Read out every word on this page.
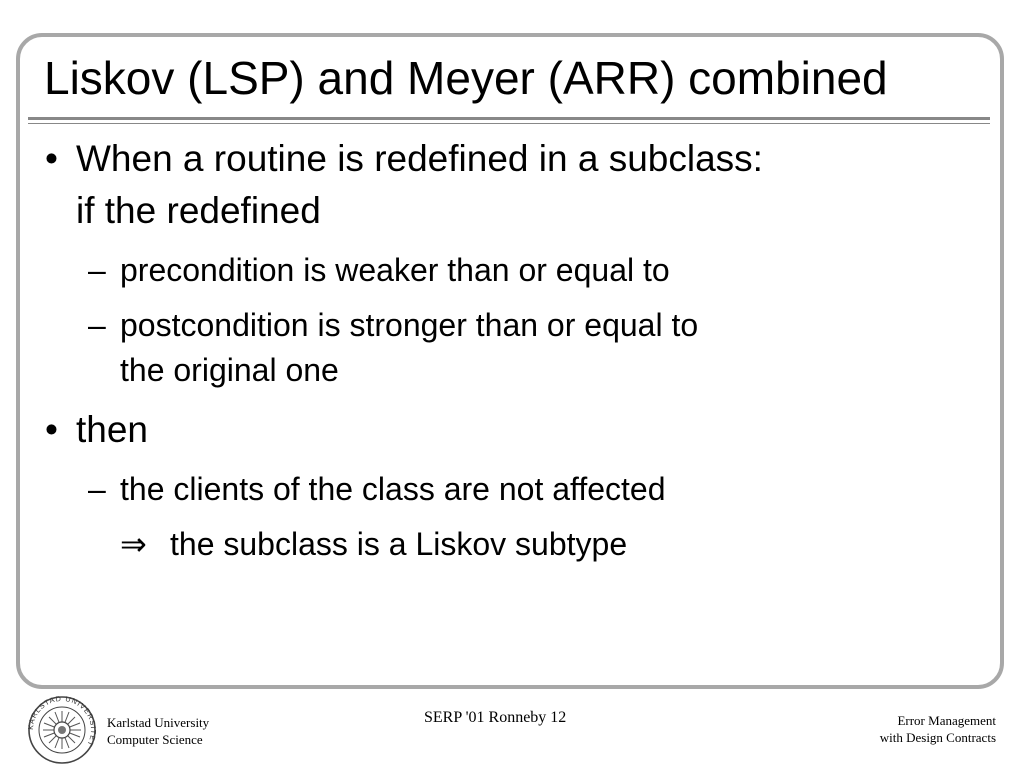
Liskov (LSP) and Meyer (ARR) combined
• When a routine is redefined in a subclass:
if the redefined
– precondition is weaker than or equal to
– postcondition is stronger than or equal to
the original one
• then
– the clients of the class are not affected
⇒ the subclass is a Liskov subtype
KARLSTAD UNIVERSITET
Karlstad University
Computer Science
SERP '01 Ronneby 12	Error Management
with Design Contracts
